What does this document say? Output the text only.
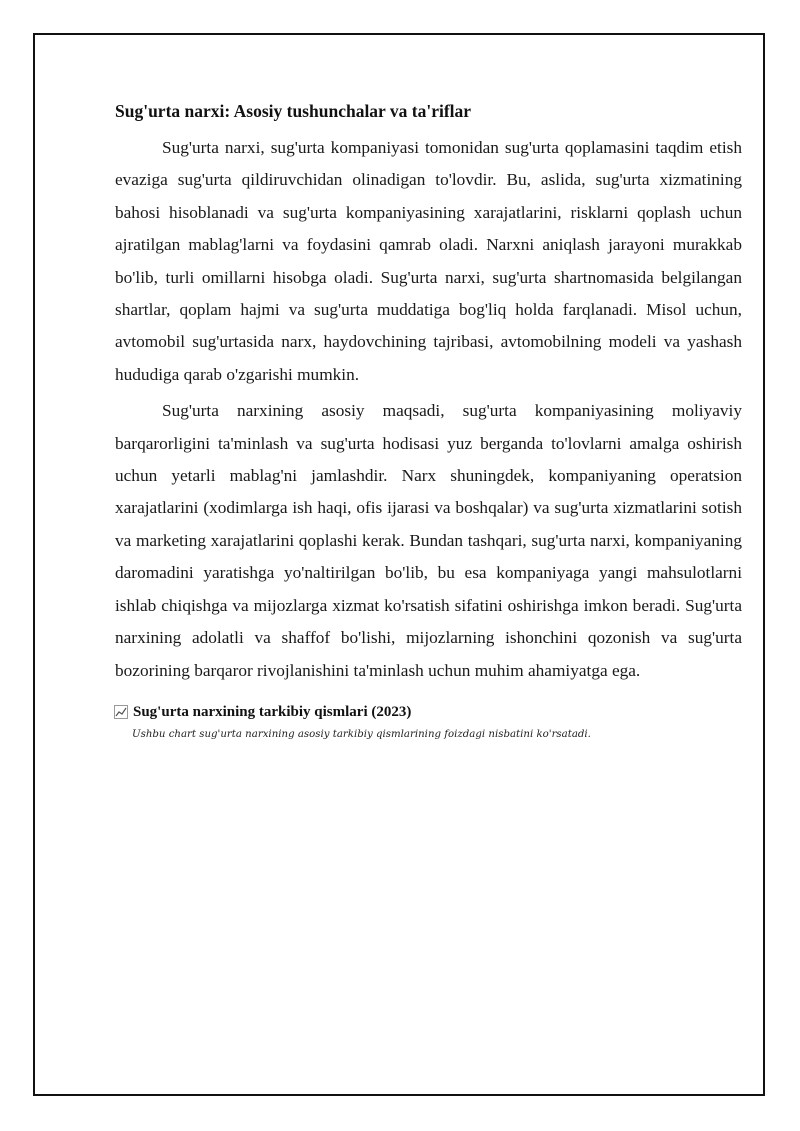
Sug'urta narxi: Asosiy tushunchalar va ta'riflar

Sug'urta narxi, sug'urta kompaniyasi tomonidan sug'urta qoplamasini taqdim etish evaziga sug'urta qildiruvchidan olinadigan to'lovdir. Bu, aslida, sug'urta xizmatining bahosi hisoblanadi va sug'urta kompaniyasining xarajatlarini, risklarni qoplash uchun ajratilgan mablag'larni va foydasini qamrab oladi. Narxni aniqlash jarayoni murakkab bo'lib, turli omillarni hisobga oladi. Sug'urta narxi, sug'urta shartnomasida belgilangan shartlar, qoplam hajmi va sug'urta muddatiga bog'liq holda farqlanadi. Misol uchun, avtomobil sug'urtasida narx, haydovchining tajribasi, avtomobilning modeli va yashash hududiga qarab o'zgarishi mumkin.

Sug'urta narxining asosiy maqsadi, sug'urta kompaniyasining moliyaviy barqarorligini ta'minlash va sug'urta hodisasi yuz berganda to'lovlarni amalga oshirish uchun yetarli mablag'ni jamlashdir. Narx shuningdek, kompaniyaning operatsion xarajatlarini (xodimlarga ish haqi, ofis ijarasi va boshqalar) va sug'urta xizmatlarini sotish va marketing xarajatlarini qoplashi kerak. Bundan tashqari, sug'urta narxi, kompaniyaning daromadini yaratishga yo'naltirilgan bo'lib, bu esa kompaniyaga yangi mahsulotlarni ishlab chiqishga va mijozlarga xizmat ko'rsatish sifatini oshirishga imkon beradi. Sug'urta narxining adolatli va shaffof bo'lishi, mijozlarning ishonchini qozonish va sug'urta bozorining barqaror rivojlanishini ta'minlash uchun muhim ahamiyatga ega.

Sug'urta narxining tarkibiy qismlari (2023)
Ushbu chart sug'urta narxining asosiy tarkibiy qismlarining foizdagi nisbatini ko'rsatadi.
